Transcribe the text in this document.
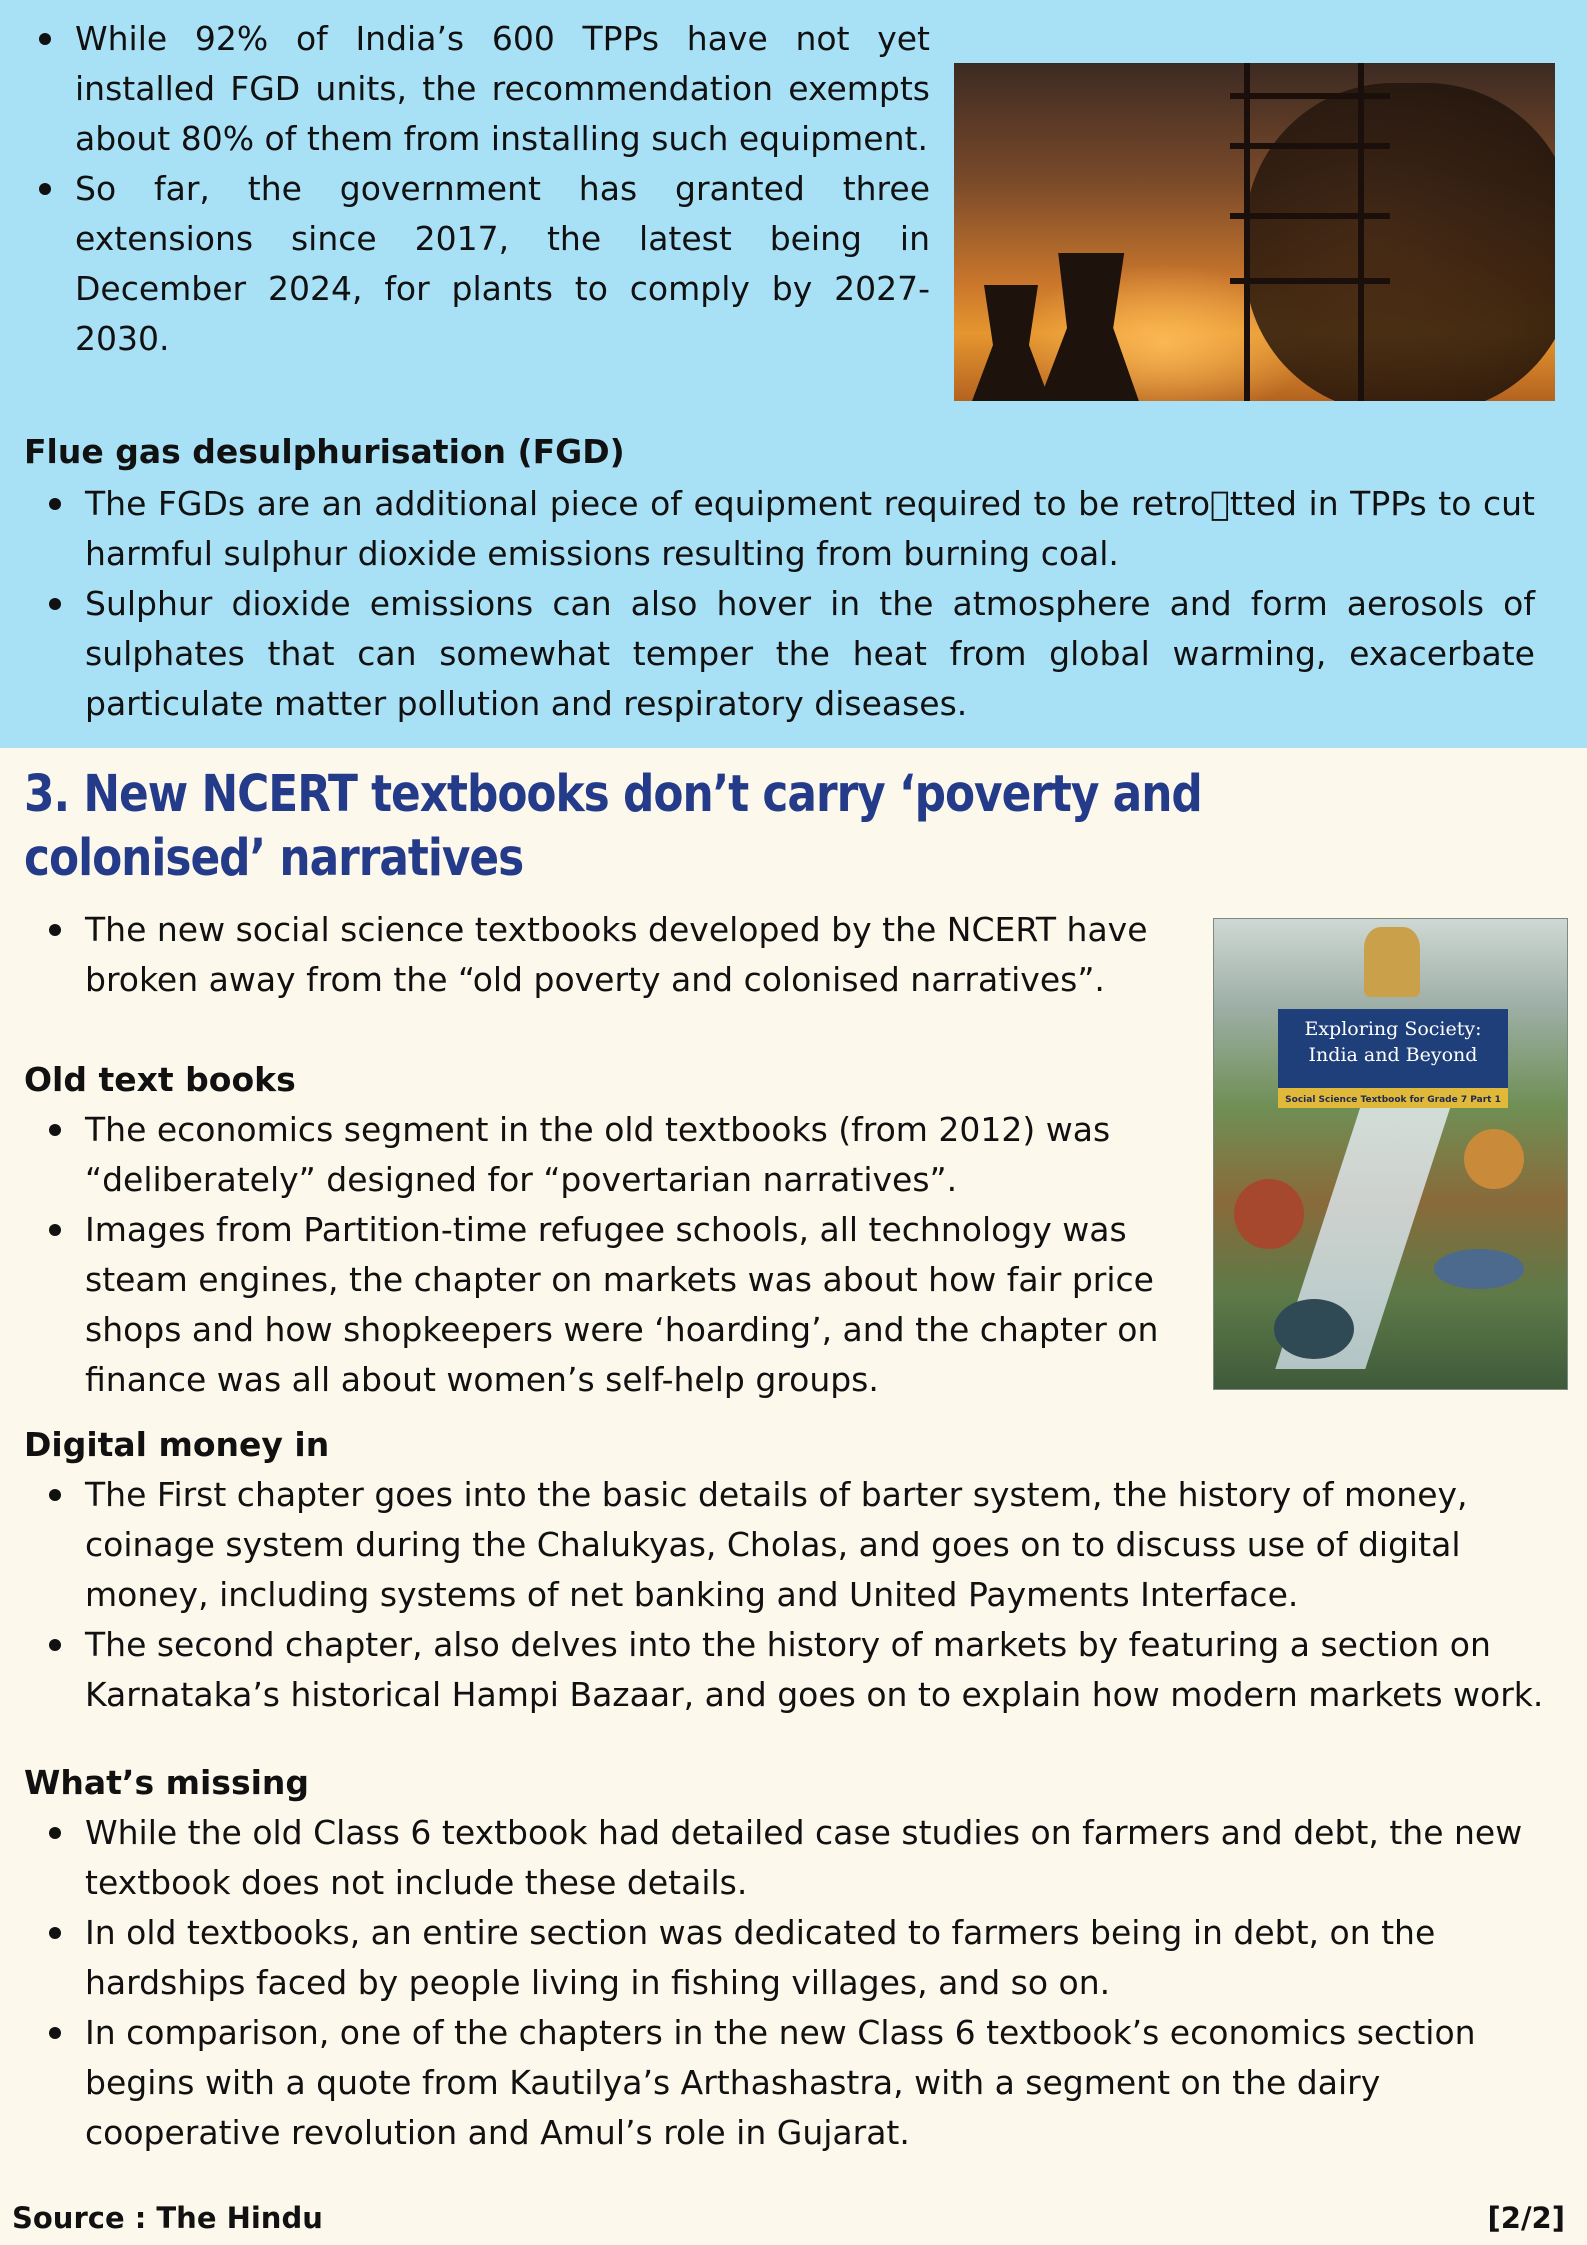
While 92% of India’s 600 TPPs have not yet installed FGD units, the recommendation exempts about 80% of them from installing such equipment.
So far, the government has granted three extensions since 2017, the latest being in December 2024, for plants to comply by 2027-2030.
Flue gas desulphurisation (FGD)
The FGDs are an additional piece of equipment required to be retro tted in TPPs to cut harmful sulphur dioxide emissions resulting from burning coal.
Sulphur dioxide emissions can also hover in the atmosphere and form aerosols of sulphates that can somewhat temper the heat from global warming, exacerbate particulate matter pollution and respiratory diseases.
3. New NCERT textbooks don’t carry ‘poverty and colonised’ narratives
The new social science textbooks developed by the NCERT have broken away from the “old poverty and colonised narratives”.
Exploring Society:
India and Beyond
Social Science Textbook for Grade 7 Part 1
Old text books
The economics segment in the old textbooks (from 2012) was “deliberately” designed for “povertarian narratives”.
Images from Partition-time refugee schools, all technology was steam engines, the chapter on markets was about how fair price shops and how shopkeepers were ‘hoarding’, and the chapter on finance was all about women’s self-help groups.
Digital money in
The First chapter goes into the basic details of barter system, the history of money, coinage system during the Chalukyas, Cholas, and goes on to discuss use of digital money, including systems of net banking and United Payments Interface.
The second chapter, also delves into the history of markets by featuring a section on Karnataka’s historical Hampi Bazaar, and goes on to explain how modern markets work.
What’s missing
While the old Class 6 textbook had detailed case studies on farmers and debt, the new textbook does not include these details.
In old textbooks, an entire section was dedicated to farmers being in debt, on the hardships faced by people living in fishing villages, and so on.
In comparison, one of the chapters in the new Class 6 textbook’s economics section begins with a quote from Kautilya’s Arthashastra, with a segment on the dairy cooperative revolution and Amul’s role in Gujarat.
Source : The Hindu	[2/2]
